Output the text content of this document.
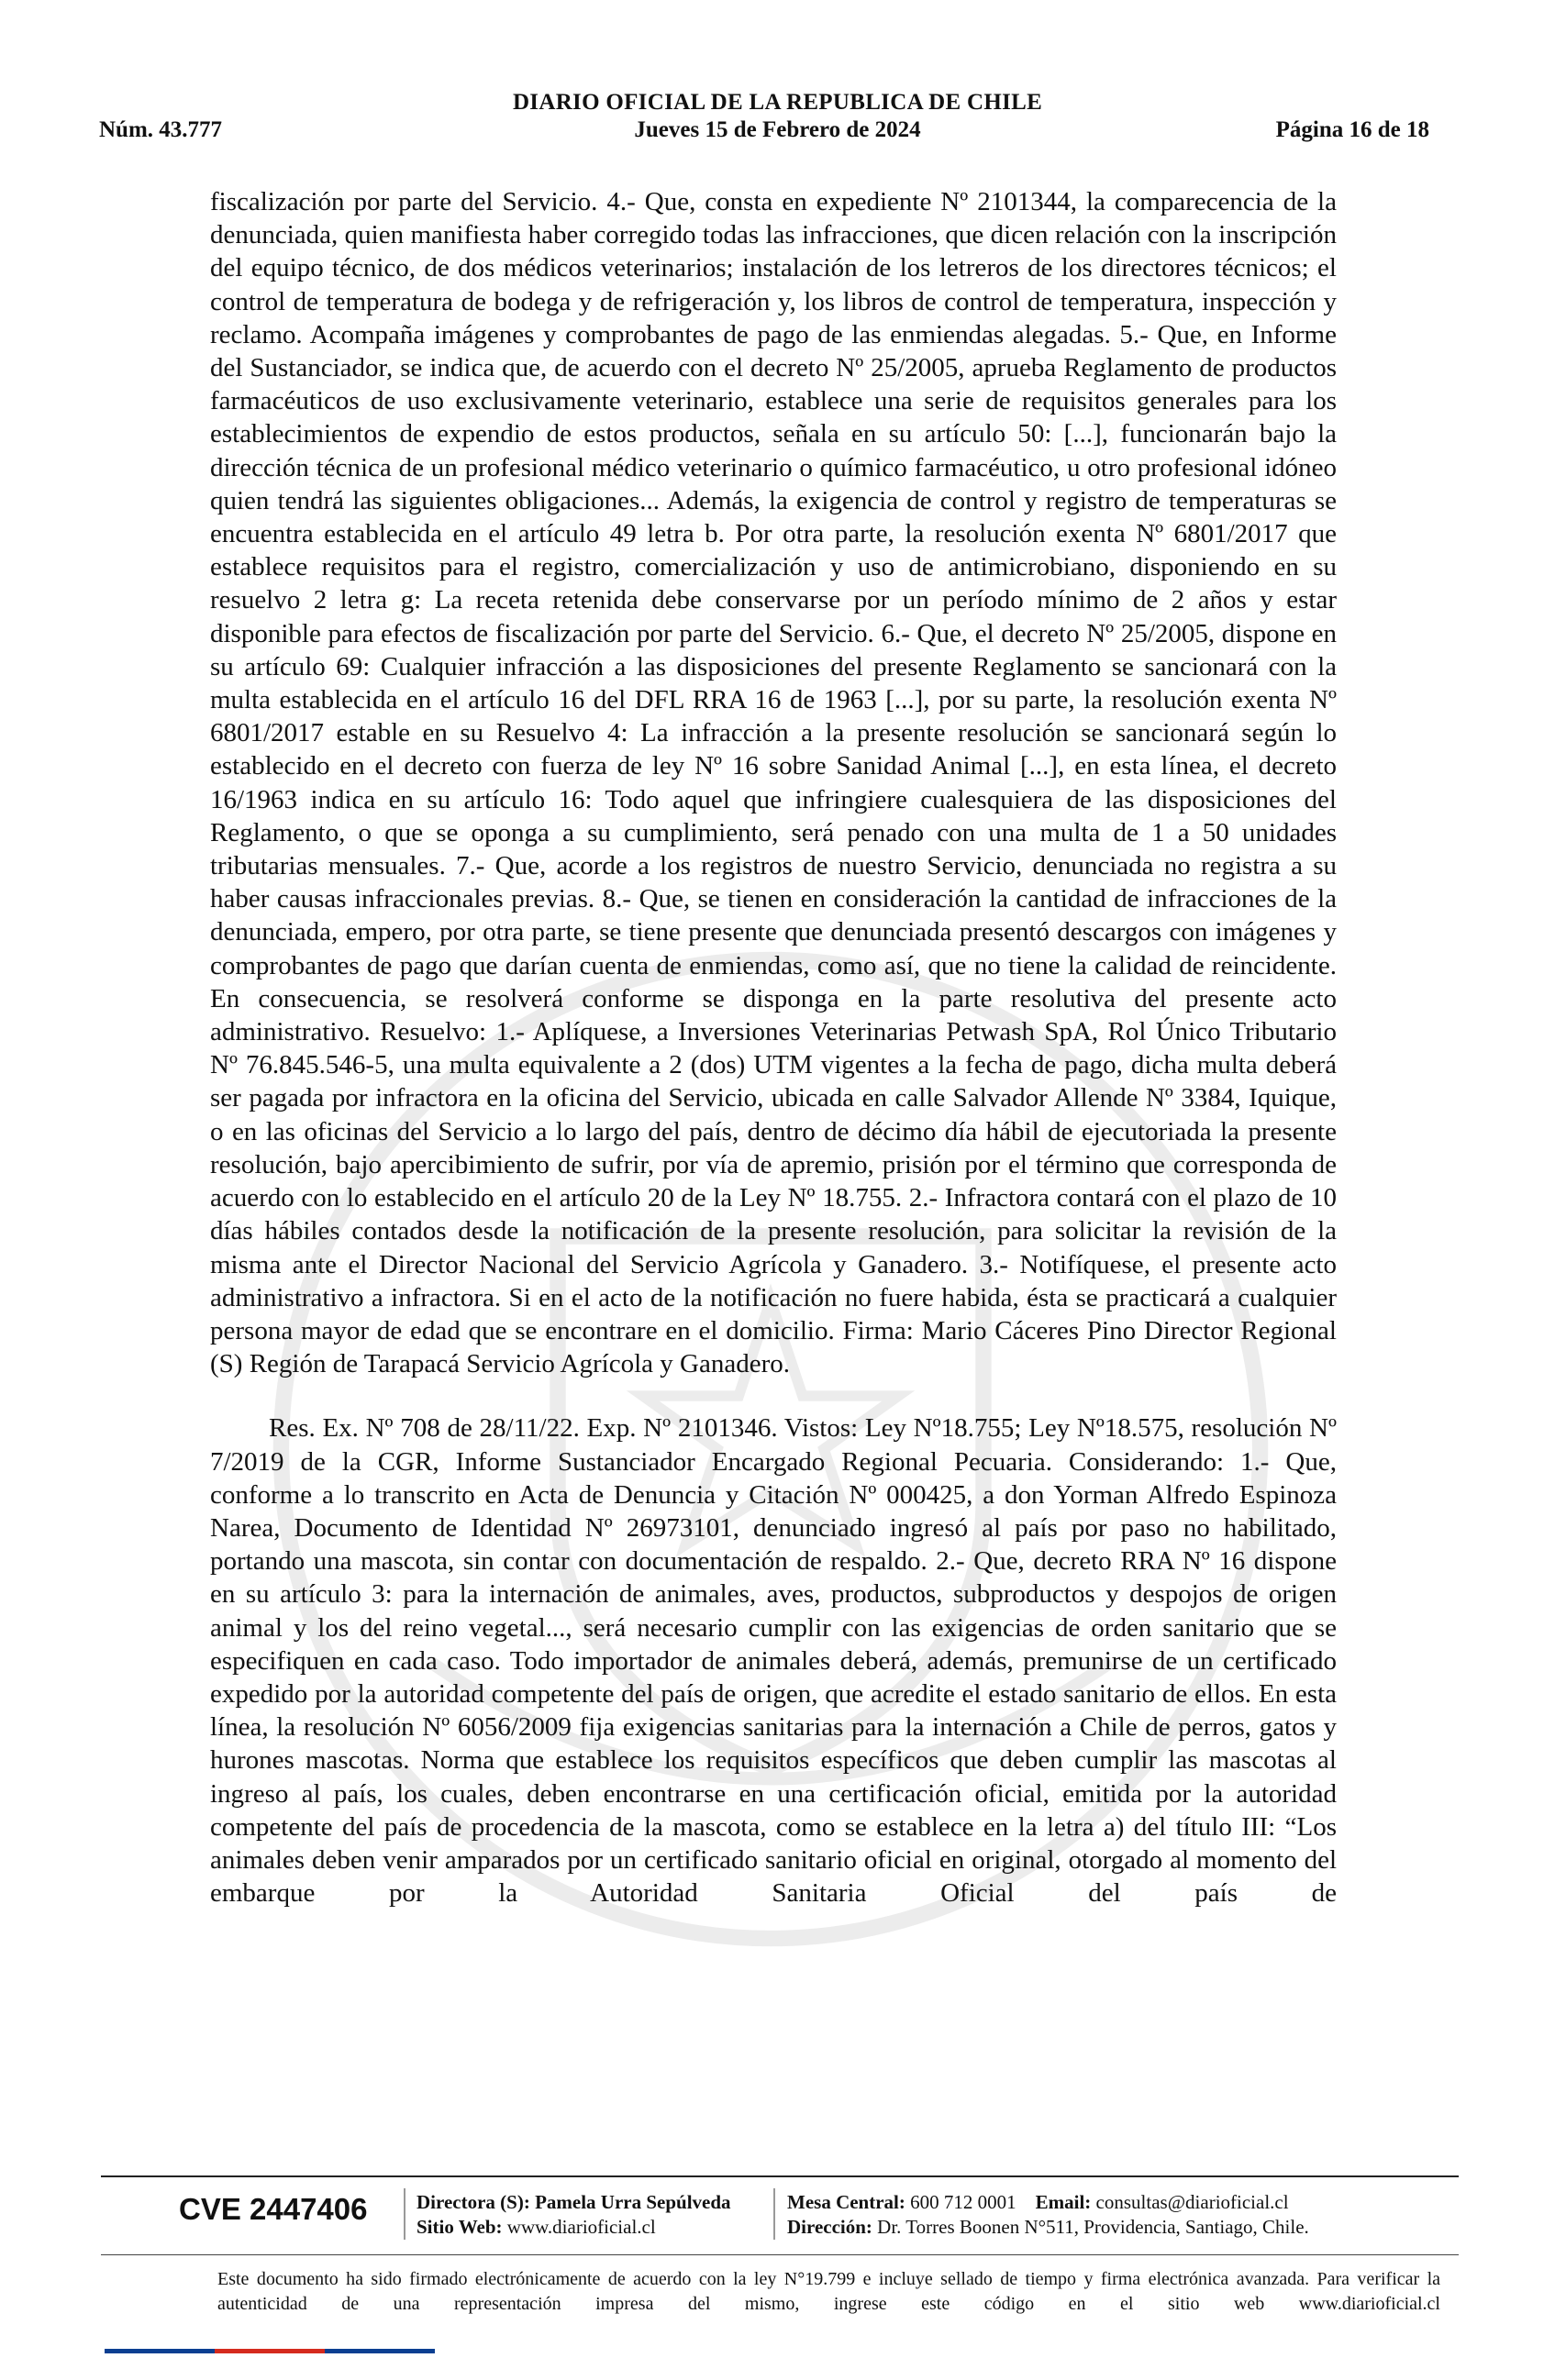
DIARIO OFICIAL DE LA REPUBLICA DE CHILE
Núm. 43.777	Jueves 15 de Febrero de 2024	Página 16 de 18

fiscalización por parte del Servicio. 4.- Que, consta en expediente Nº 2101344, la comparecencia de la denunciada, quien manifiesta haber corregido todas las infracciones, que dicen relación con la inscripción del equipo técnico, de dos médicos veterinarios; instalación de los letreros de los directores técnicos; el control de temperatura de bodega y de refrigeración y, los libros de control de temperatura, inspección y reclamo. Acompaña imágenes y comprobantes de pago de las enmiendas alegadas. 5.- Que, en Informe del Sustanciador, se indica que, de acuerdo con el decreto Nº 25/2005, aprueba Reglamento de productos farmacéuticos de uso exclusivamente veterinario, establece una serie de requisitos generales para los establecimientos de expendio de estos productos, señala en su artículo 50: [...], funcionarán bajo la dirección técnica de un profesional médico veterinario o químico farmacéutico, u otro profesional idóneo quien tendrá las siguientes obligaciones... Además, la exigencia de control y registro de temperaturas se encuentra establecida en el artículo 49 letra b. Por otra parte, la resolución exenta Nº 6801/2017 que establece requisitos para el registro, comercialización y uso de antimicrobiano, disponiendo en su resuelvo 2 letra g: La receta retenida debe conservarse por un período mínimo de 2 años y estar disponible para efectos de fiscalización por parte del Servicio. 6.- Que, el decreto Nº 25/2005, dispone en su artículo 69: Cualquier infracción a las disposiciones del presente Reglamento se sancionará con la multa establecida en el artículo 16 del DFL RRA 16 de 1963 [...], por su parte, la resolución exenta Nº 6801/2017 estable en su Resuelvo 4: La infracción a la presente resolución se sancionará según lo establecido en el decreto con fuerza de ley Nº 16 sobre Sanidad Animal [...], en esta línea, el decreto 16/1963 indica en su artículo 16: Todo aquel que infringiere cualesquiera de las disposiciones del Reglamento, o que se oponga a su cumplimiento, será penado con una multa de 1 a 50 unidades tributarias mensuales. 7.- Que, acorde a los registros de nuestro Servicio, denunciada no registra a su haber causas infraccionales previas. 8.- Que, se tienen en consideración la cantidad de infracciones de la denunciada, empero, por otra parte, se tiene presente que denunciada presentó descargos con imágenes y comprobantes de pago que darían cuenta de enmiendas, como así, que no tiene la calidad de reincidente. En consecuencia, se resolverá conforme se disponga en la parte resolutiva del presente acto administrativo. Resuelvo: 1.- Aplíquese, a Inversiones Veterinarias Petwash SpA, Rol Único Tributario Nº 76.845.546-5, una multa equivalente a 2 (dos) UTM vigentes a la fecha de pago, dicha multa deberá ser pagada por infractora en la oficina del Servicio, ubicada en calle Salvador Allende Nº 3384, Iquique, o en las oficinas del Servicio a lo largo del país, dentro de décimo día hábil de ejecutoriada la presente resolución, bajo apercibimiento de sufrir, por vía de apremio, prisión por el término que corresponda de acuerdo con lo establecido en el artículo 20 de la Ley Nº 18.755. 2.- Infractora contará con el plazo de 10 días hábiles contados desde la notificación de la presente resolución, para solicitar la revisión de la misma ante el Director Nacional del Servicio Agrícola y Ganadero. 3.- Notifíquese, el presente acto administrativo a infractora. Si en el acto de la notificación no fuere habida, ésta se practicará a cualquier persona mayor de edad que se encontrare en el domicilio. Firma: Mario Cáceres Pino Director Regional (S) Región de Tarapacá Servicio Agrícola y Ganadero.

Res. Ex. Nº 708 de 28/11/22. Exp. Nº 2101346. Vistos: Ley Nº18.755; Ley Nº18.575, resolución Nº 7/2019 de la CGR, Informe Sustanciador Encargado Regional Pecuaria. Considerando: 1.- Que, conforme a lo transcrito en Acta de Denuncia y Citación Nº 000425, a don Yorman Alfredo Espinoza Narea, Documento de Identidad Nº 26973101, denunciado ingresó al país por paso no habilitado, portando una mascota, sin contar con documentación de respaldo. 2.- Que, decreto RRA Nº 16 dispone en su artículo 3: para la internación de animales, aves, productos, subproductos y despojos de origen animal y los del reino vegetal..., será necesario cumplir con las exigencias de orden sanitario que se especifiquen en cada caso. Todo importador de animales deberá, además, premunirse de un certificado expedido por la autoridad competente del país de origen, que acredite el estado sanitario de ellos. En esta línea, la resolución Nº 6056/2009 fija exigencias sanitarias para la internación a Chile de perros, gatos y hurones mascotas. Norma que establece los requisitos específicos que deben cumplir las mascotas al ingreso al país, los cuales, deben encontrarse en una certificación oficial, emitida por la autoridad competente del país de procedencia de la mascota, como se establece en la letra a) del título III: “Los animales deben venir amparados por un certificado sanitario oficial en original, otorgado al momento del embarque por la Autoridad Sanitaria Oficial del país de

CVE 2447406	Directora (S): Pamela Urra Sepúlveda
Sitio Web: www.diarioficial.cl
Mesa Central: 600 712 0001 Email: consultas@diarioficial.cl
Dirección: Dr. Torres Boonen N°511, Providencia, Santiago, Chile.
Este documento ha sido firmado electrónicamente de acuerdo con la ley N°19.799 e incluye sellado de tiempo y firma electrónica avanzada. Para verificar la autenticidad de una representación impresa del mismo, ingrese este código en el sitio web www.diarioficial.cl
